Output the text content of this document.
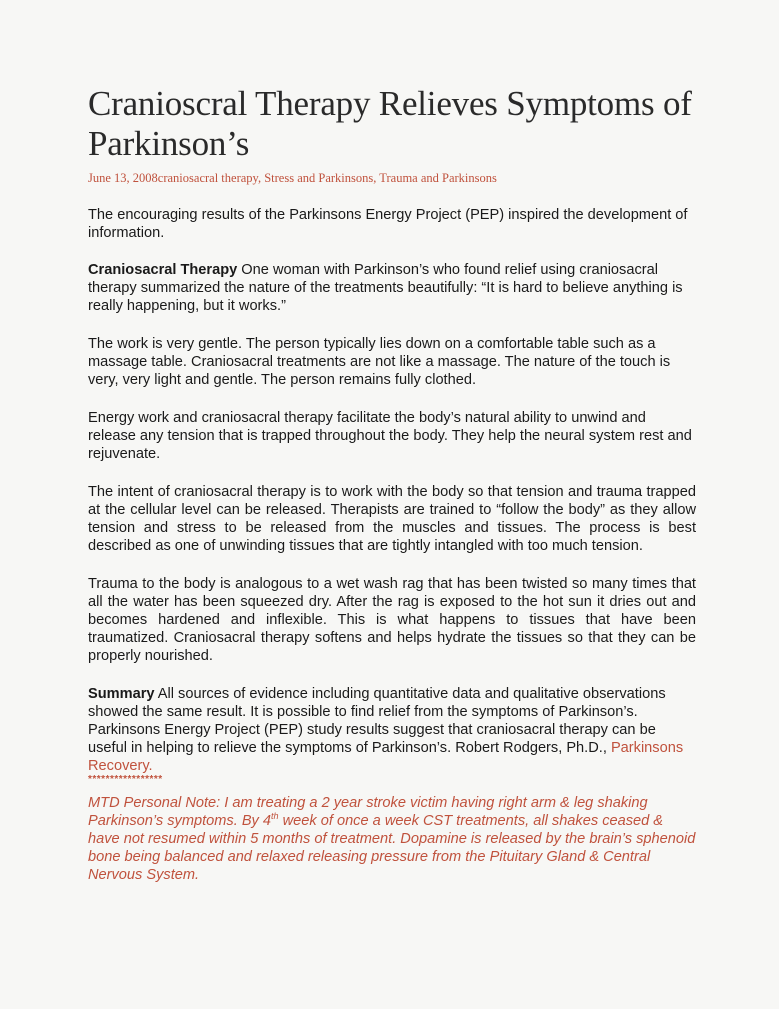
Cranioscral Therapy Relieves Symptoms of Parkinson’s
June 13, 2008craniosacral therapy, Stress and Parkinsons, Trauma and Parkinsons

The encouraging results of the Parkinsons Energy Project (PEP) inspired the development of information.

Craniosacral Therapy One woman with Parkinson’s who found relief using craniosacral therapy summarized the nature of the treatments beautifully: “It is hard to believe anything is really happening, but it works.”

The work is very gentle. The person typically lies down on a comfortable table such as a massage table. Craniosacral treatments are not like a massage. The nature of the touch is very, very light and gentle. The person remains fully clothed.

Energy work and craniosacral therapy facilitate the body’s natural ability to unwind and release any tension that is trapped throughout the body. They help the neural system rest and rejuvenate.

The intent of craniosacral therapy is to work with the body so that tension and trauma trapped at the cellular level can be released. Therapists are trained to “follow the body” as they allow tension and stress to be released from the muscles and tissues. The process is best described as one of unwinding tissues that are tightly intangled with too much tension.

Trauma to the body is analogous to a wet wash rag that has been twisted so many times that all the water has been squeezed dry. After the rag is exposed to the hot sun it dries out and becomes hardened and inflexible. This is what happens to tissues that have been traumatized. Craniosacral therapy softens and helps hydrate the tissues so that they can be properly nourished.

Summary All sources of evidence including quantitative data and qualitative observations showed the same result. It is possible to find relief from the symptoms of Parkinson’s. Parkinsons Energy Project (PEP) study results suggest that craniosacral therapy can be useful in helping to relieve the symptoms of Parkinson’s. Robert Rodgers, Ph.D., Parkinsons Recovery.

*****************

MTD Personal Note: I am treating a 2 year stroke victim having right arm & leg shaking Parkinson’s symptoms. By 4th week of once a week CST treatments, all shakes ceased & have not resumed within 5 months of treatment. Dopamine is released by the brain’s sphenoid bone being balanced and relaxed releasing pressure from the Pituitary Gland & Central Nervous System.
